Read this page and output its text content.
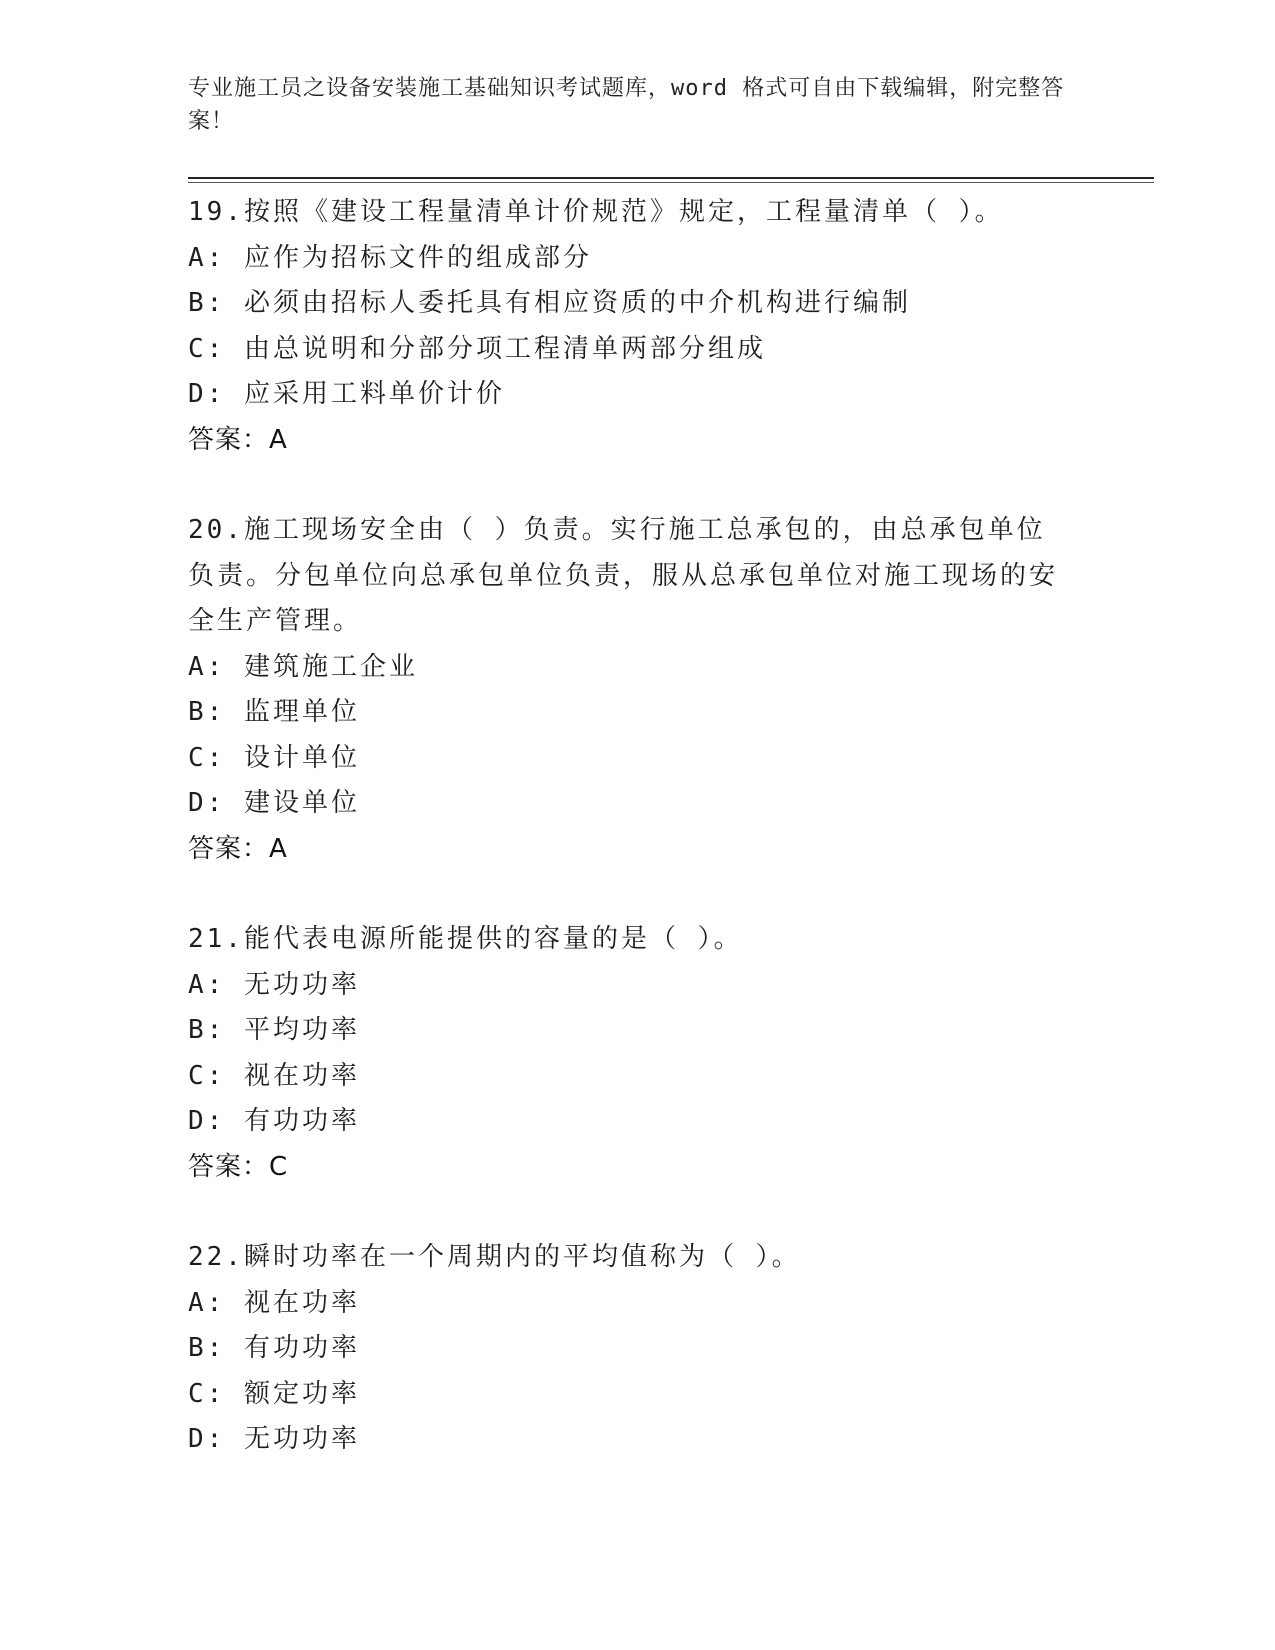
专业施工员之设备安装施工基础知识考试题库，word 格式可自由下载编辑，附完整答案！
19.按照《建设工程量清单计价规范》规定，工程量清单（ ）。
A: 应作为招标文件的组成部分
B: 必须由招标人委托具有相应资质的中介机构进行编制
C: 由总说明和分部分项工程清单两部分组成
D: 应采用工料单价计价
答案：A
20.施工现场安全由（ ）负责。实行施工总承包的，由总承包单位负责。分包单位向总承包单位负责，服从总承包单位对施工现场的安全生产管理。
A: 建筑施工企业
B: 监理单位
C: 设计单位
D: 建设单位
答案：A
21.能代表电源所能提供的容量的是（ ）。
A: 无功功率
B: 平均功率
C: 视在功率
D: 有功功率
答案：C
22.瞬时功率在一个周期内的平均值称为（ ）。
A: 视在功率
B: 有功功率
C: 额定功率
D: 无功功率
